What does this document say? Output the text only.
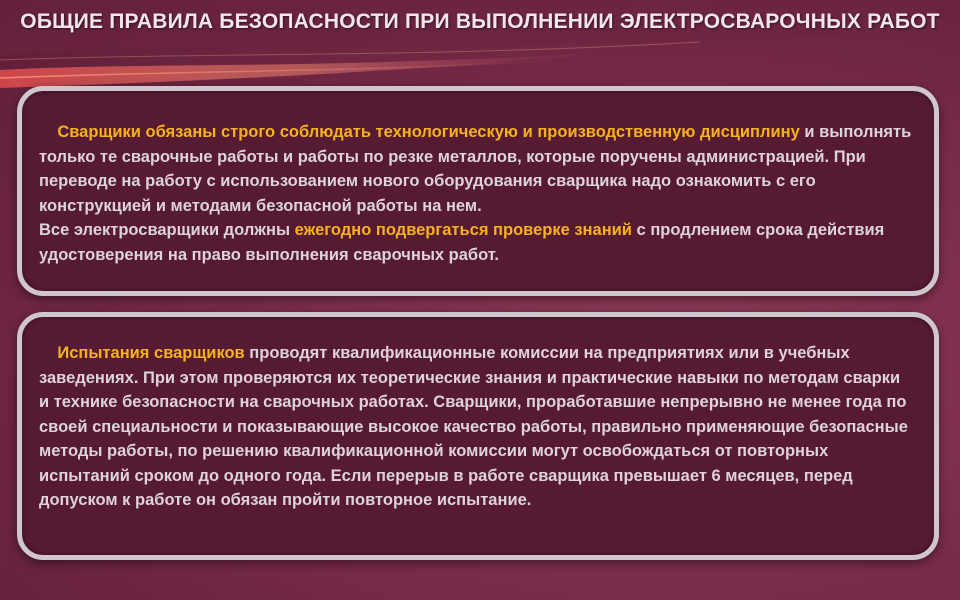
ОБЩИЕ ПРАВИЛА БЕЗОПАСНОСТИ ПРИ ВЫПОЛНЕНИИ ЭЛЕКТРОСВАРОЧНЫХ РАБОТ
Сварщики обязаны строго соблюдать технологическую и производственную дисциплину и выполнять только те сварочные работы и работы по резке металлов, которые поручены администрацией. При переводе на работу с использованием нового оборудования сварщика надо ознакомить с его конструкцией и методами безопасной работы на нем.
Все электросварщики должны ежегодно подвергаться проверке знаний с продлением срока действия удостоверения на право выполнения сварочных работ.
Испытания сварщиков проводят квалификационные комиссии на предприятиях или в учебных заведениях. При этом проверяются их теоретические знания и практические навыки по методам сварки и технике безопасности на сварочных работах. Сварщики, проработавшие непрерывно не менее года по своей специальности и показывающие высокое качество работы, правильно применяющие безопасные методы работы, по решению квалификационной комиссии могут освобождаться от повторных испытаний сроком до одного года. Если перерыв в работе сварщика превышает 6 месяцев, перед допуском к работе он обязан пройти повторное испытание.
